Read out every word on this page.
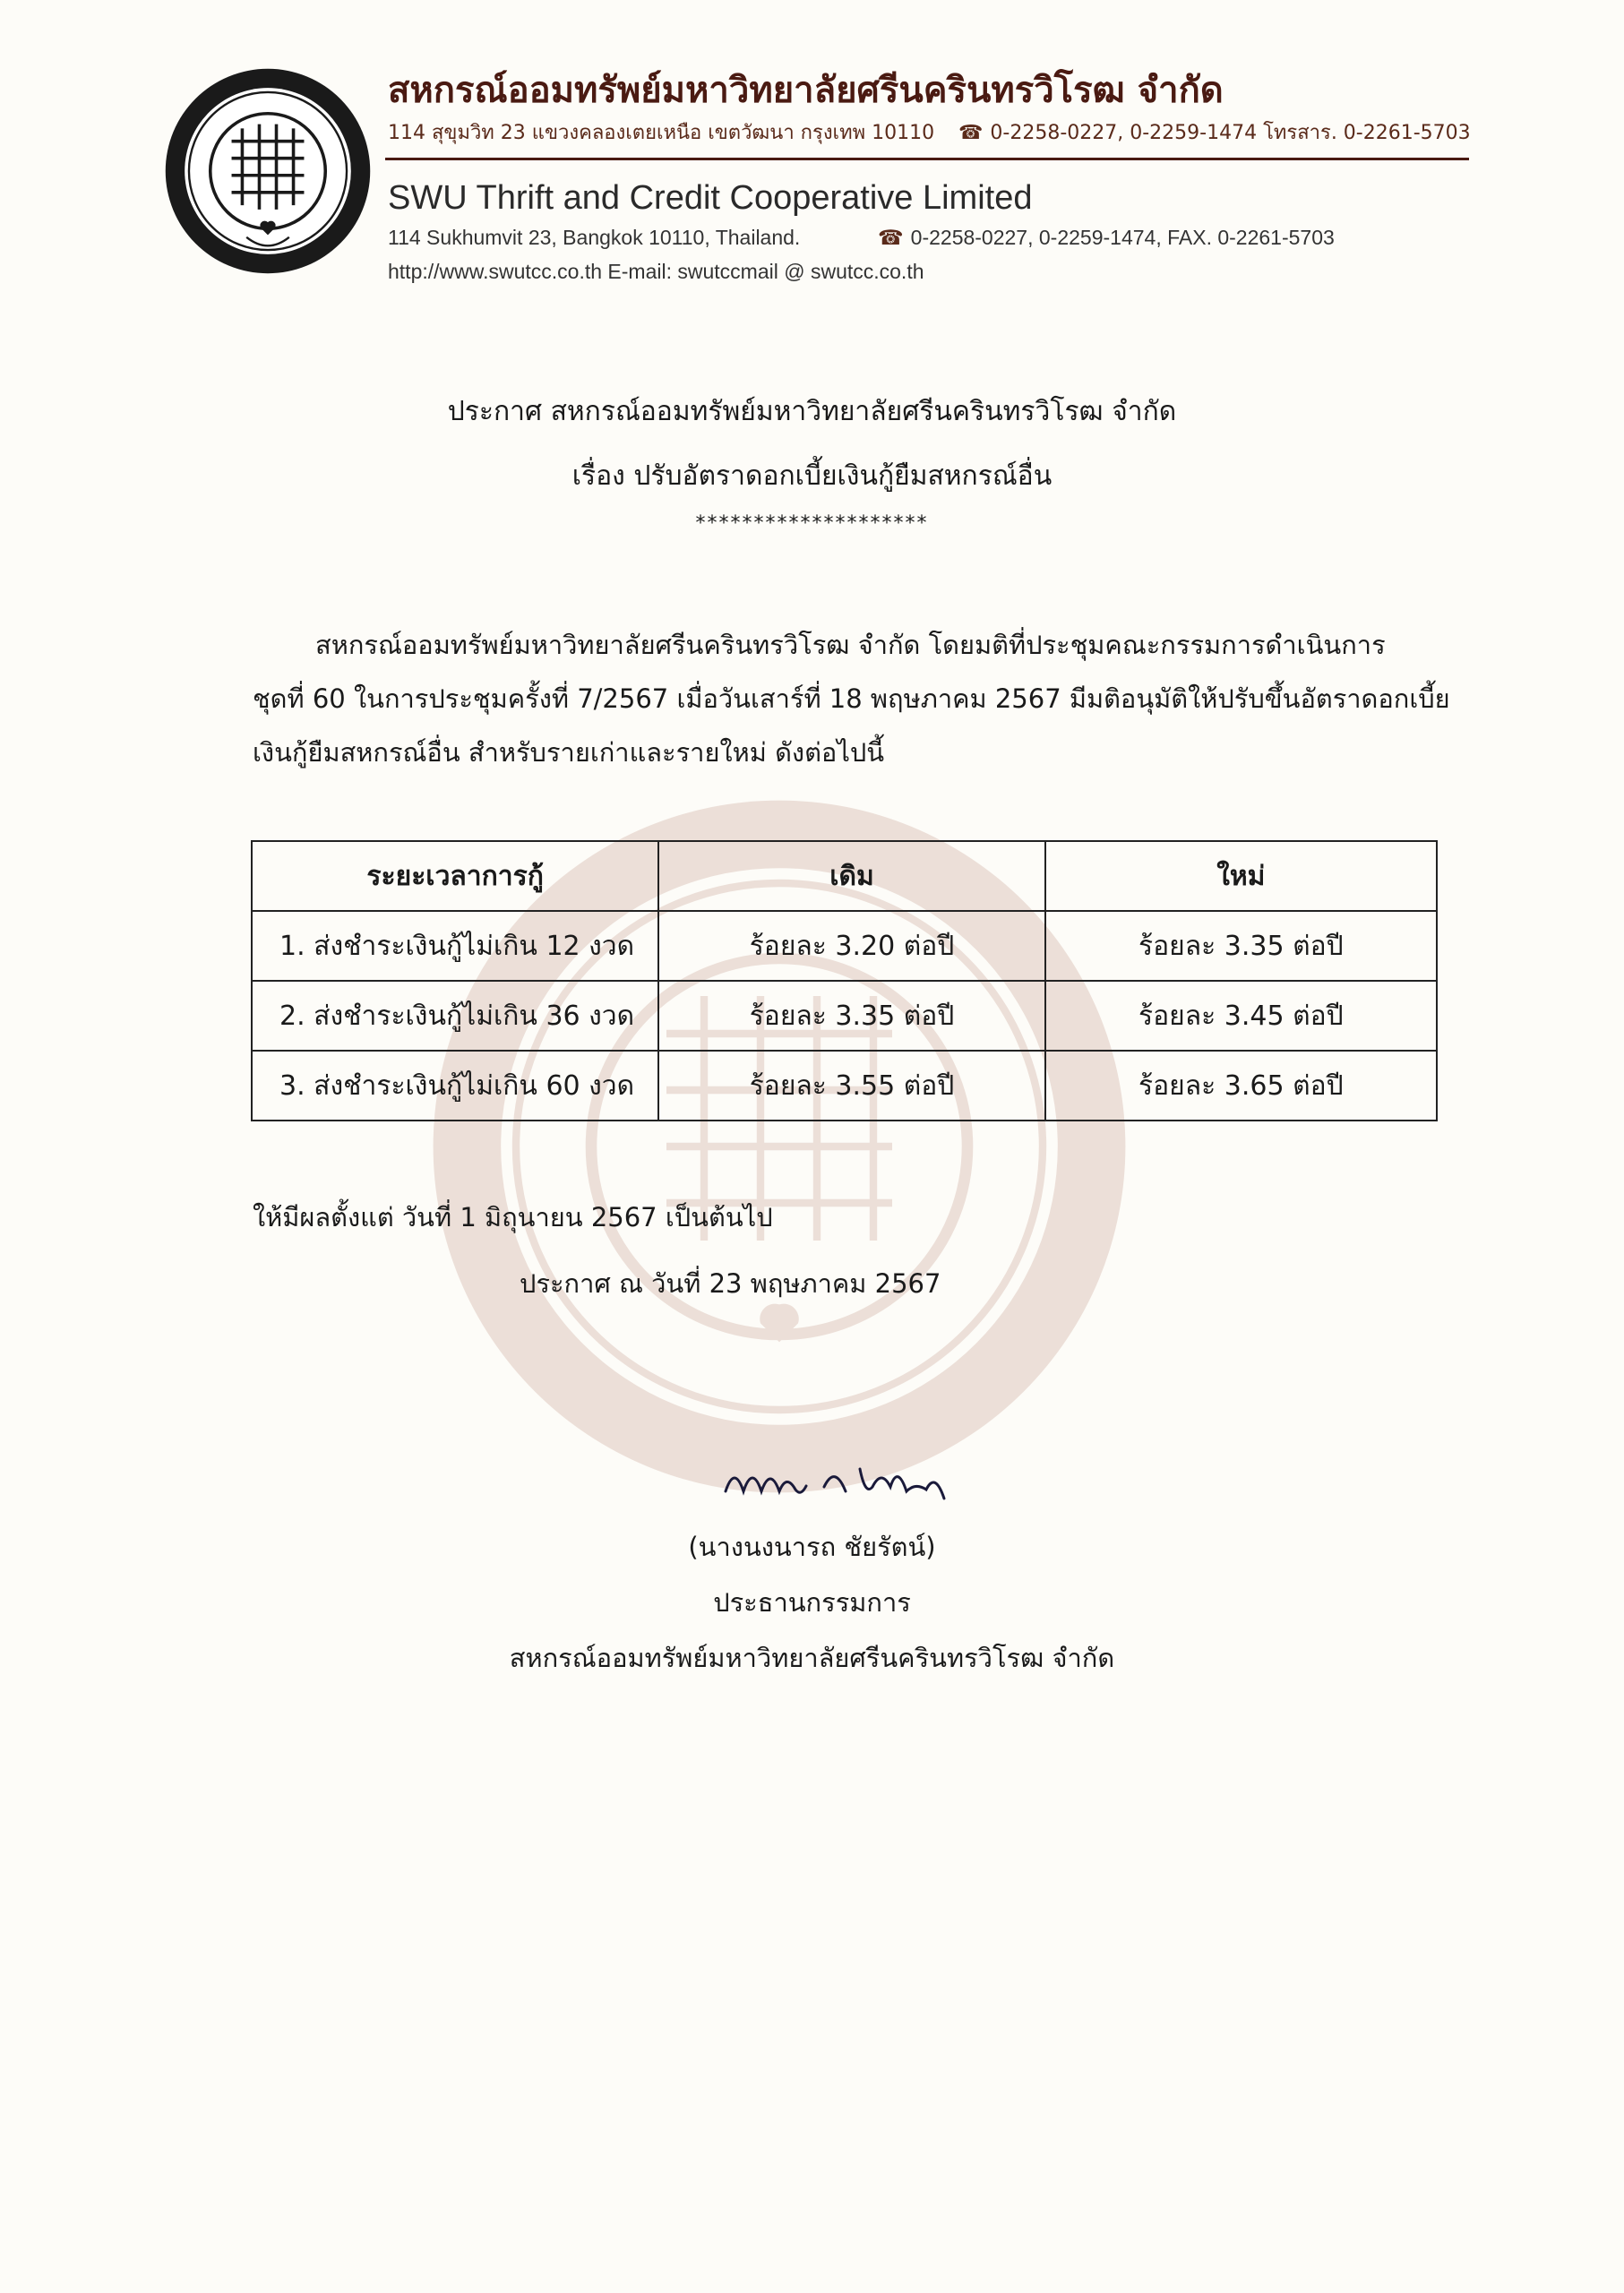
สหกรณ์ออมทรัพย์มหาวิทยาลัยศรีนครินทรวิโรฒ จำกัด
114 สุขุมวิท 23 แขวงคลองเตยเหนือ เขตวัฒนา กรุงเทพ 10110 ☎ 0-2258-0227, 0-2259-1474 โทรสาร. 0-2261-5703
SWU Thrift and Credit Cooperative Limited
114 Sukhumvit 23, Bangkok 10110, Thailand.	☎ 0-2258-0227, 0-2259-1474, FAX. 0-2261-5703
http://www.swutcc.co.th E-mail: swutccmail @ swutcc.co.th
ประกาศ สหกรณ์ออมทรัพย์มหาวิทยาลัยศรีนครินทรวิโรฒ จำกัด
เรื่อง ปรับอัตราดอกเบี้ยเงินกู้ยืมสหกรณ์อื่น
********************

สหกรณ์ออมทรัพย์มหาวิทยาลัยศรีนครินทรวิโรฒ จำกัด โดยมติที่ประชุมคณะกรรมการดำเนินการ

ชุดที่ 60 ในการประชุมครั้งที่ 7/2567 เมื่อวันเสาร์ที่ 18 พฤษภาคม 2567 มีมติอนุมัติให้ปรับขึ้นอัตราดอกเบี้ย

เงินกู้ยืมสหกรณ์อื่น สำหรับรายเก่าและรายใหม่ ดังต่อไปนี้

ระยะเวลาการกู้	เดิม	ใหม่
1. ส่งชำระเงินกู้ไม่เกิน 12 งวด	ร้อยละ 3.20 ต่อปี	ร้อยละ 3.35 ต่อปี
2. ส่งชำระเงินกู้ไม่เกิน 36 งวด	ร้อยละ 3.35 ต่อปี	ร้อยละ 3.45 ต่อปี
3. ส่งชำระเงินกู้ไม่เกิน 60 งวด	ร้อยละ 3.55 ต่อปี	ร้อยละ 3.65 ต่อปี
ให้มีผลตั้งแต่ วันที่ 1 มิถุนายน 2567 เป็นต้นไป
ประกาศ ณ วันที่ 23 พฤษภาคม 2567
(นางนงนารถ ชัยรัตน์)
ประธานกรรมการ
สหกรณ์ออมทรัพย์มหาวิทยาลัยศรีนครินทรวิโรฒ จำกัด
